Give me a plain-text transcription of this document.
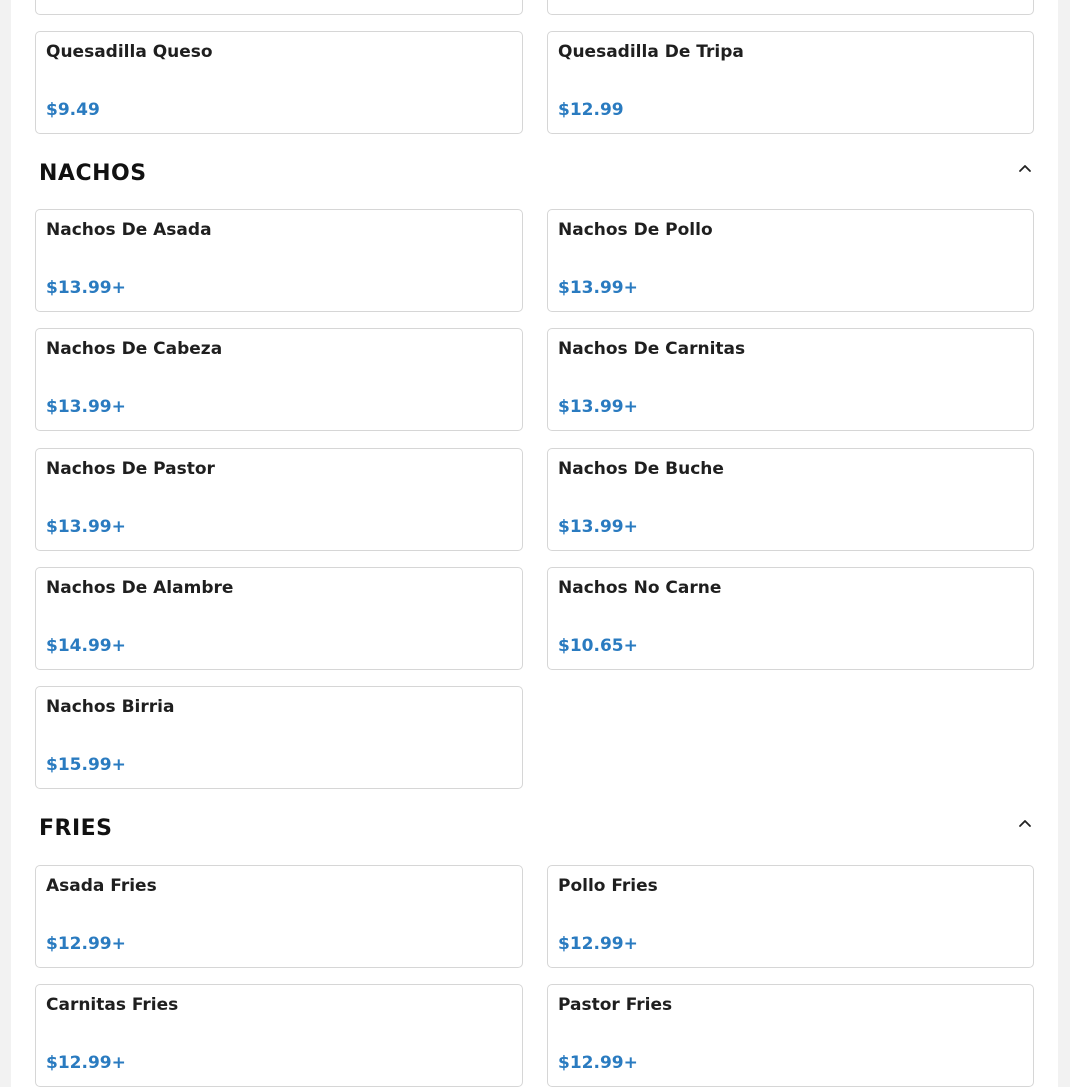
Quesadilla Queso
$9.49
Quesadilla De Tripa
$12.99
NACHOS
Nachos De Asada
$13.99+
Nachos De Pollo
$13.99+
Nachos De Cabeza
$13.99+
Nachos De Carnitas
$13.99+
Nachos De Pastor
$13.99+
Nachos De Buche
$13.99+
Nachos De Alambre
$14.99+
Nachos No Carne
$10.65+
Nachos Birria
$15.99+
FRIES
Asada Fries
$12.99+
Pollo Fries
$12.99+
Carnitas Fries
$12.99+
Pastor Fries
$12.99+
